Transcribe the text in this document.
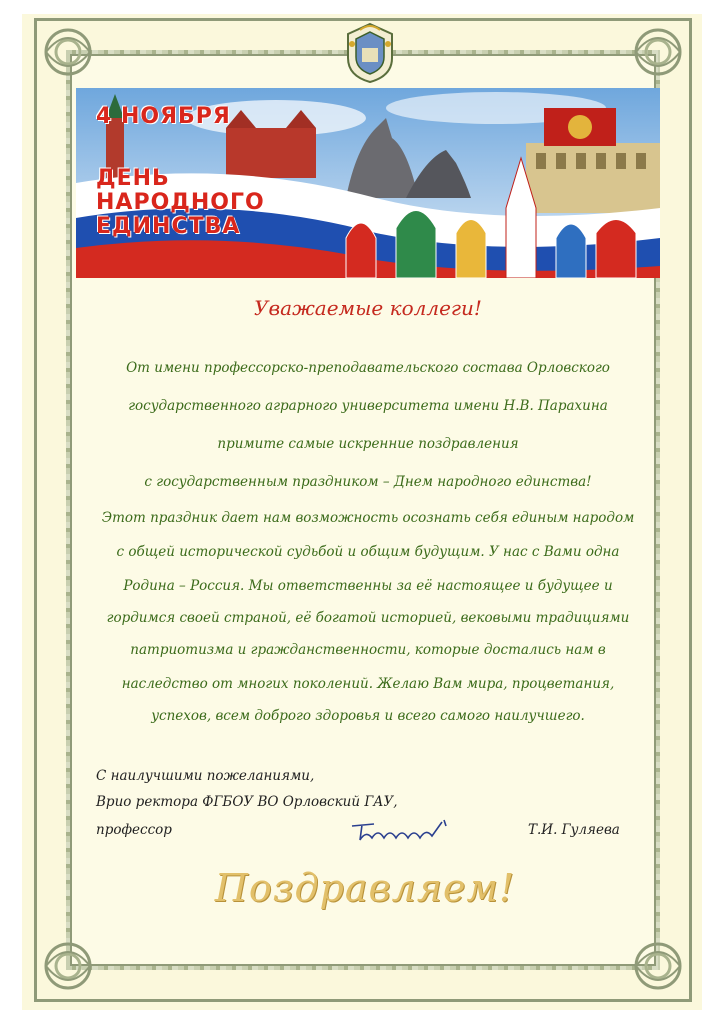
4 НОЯБРЯ
ДЕНЬ
НАРОДНОГО
ЕДИНСТВА
Уважаемые коллеги!
От имени профессорско-преподавательского состава Орловского
государственного аграрного университета имени Н.В. Парахина
примите самые искренние поздравления
с государственным праздником – Днем народного единства!
Этот праздник дает нам возможность осознать себя единым народом
с общей исторической судьбой и общим будущим. У нас с Вами одна
Родина – Россия. Мы ответственны за её настоящее и будущее и
гордимся своей страной, её богатой историей, вековыми традициями
патриотизма и гражданственности, которые достались нам в
наследство от многих поколений. Желаю Вам мира, процветания,
успехов, всем доброго здоровья и всего самого наилучшего.
С наилучшими пожеланиями,
Врио ректора ФГБОУ ВО Орловский ГАУ,
профессор	Т.И. Гуляева
Поздравляем!
